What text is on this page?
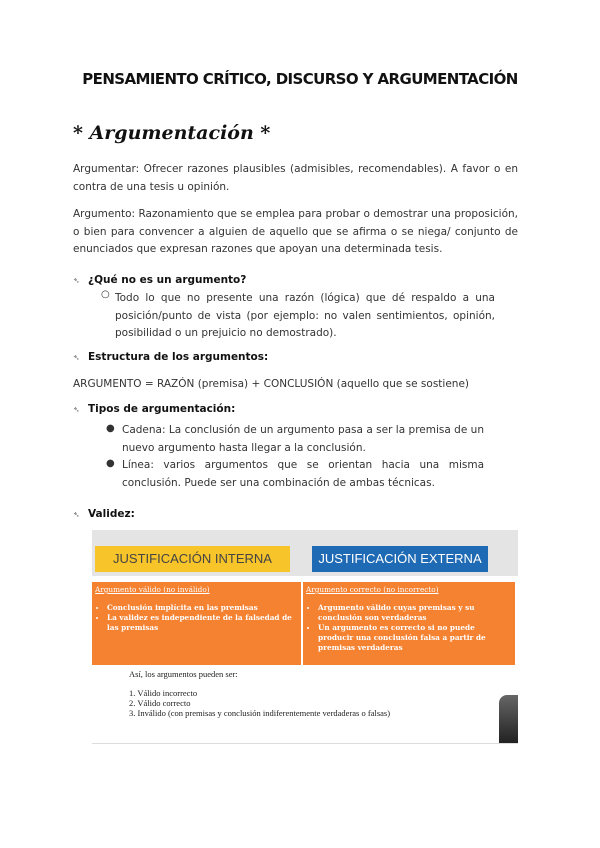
PENSAMIENTO CRÍTICO, DISCURSO Y ARGUMENTACIÓN
* Argumentación *
Argumentar: Ofrecer razones plausibles (admisibles, recomendables). A favor o en contra de una tesis u opinión.
Argumento: Razonamiento que se emplea para probar o demostrar una proposición, o bien para convencer a alguien de aquello que se afirma o se niega/ conjunto de enunciados que expresan razones que apoyan una determinada tesis.
➴ ¿Qué no es un argumento?
○ Todo lo que no presente una razón (lógica) que dé respaldo a una posición/punto de vista (por ejemplo: no valen sentimientos, opinión, posibilidad o un prejuicio no demostrado).
➴ Estructura de los argumentos:
ARGUMENTO = RAZÓN (premisa) + CONCLUSIÓN (aquello que se sostiene)
➴ Tipos de argumentación:
● Cadena: La conclusión de un argumento pasa a ser la premisa de un nuevo argumento hasta llegar a la conclusión.
● Línea: varios argumentos que se orientan hacia una misma conclusión. Puede ser una combinación de ambas técnicas.
➴ Validez:
JUSTIFICACIÓN INTERNA	JUSTIFICACIÓN EXTERNA
Argumento válido (no inválido)
• Conclusión implícita en las premisas
• La validez es independiente de la falsedad de las premisas
Argumento correcto (no incorrecto)
• Argumento válido cuyas premisas y su conclusión son verdaderas
• Un argumento es correcto si no puede producir una conclusión falsa a partir de premisas verdaderas
Así, los argumentos pueden ser:
1. Válido incorrecto
2. Válido correcto
3. Inválido (con premisas y conclusión indiferentemente verdaderas o falsas)
